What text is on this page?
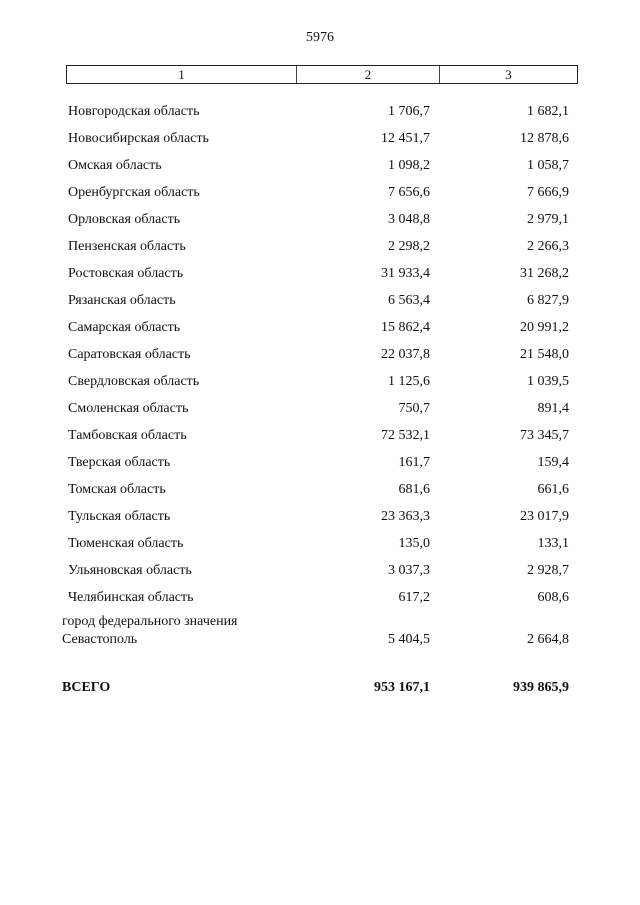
5976
1	2	3
Новгородская область	1 706,7	1 682,1
Новосибирская область	12 451,7	12 878,6
Омская область	1 098,2	1 058,7
Оренбургская область	7 656,6	7 666,9
Орловская область	3 048,8	2 979,1
Пензенская область	2 298,2	2 266,3
Ростовская область	31 933,4	31 268,2
Рязанская область	6 563,4	6 827,9
Самарская область	15 862,4	20 991,2
Саратовская область	22 037,8	21 548,0
Свердловская область	1 125,6	1 039,5
Смоленская область	750,7	891,4
Тамбовская область	72 532,1	73 345,7
Тверская область	161,7	159,4
Томская область	681,6	661,6
Тульская область	23 363,3	23 017,9
Тюменская область	135,0	133,1
Ульяновская область	3 037,3	2 928,7
Челябинская область	617,2	608,6
город федерального значения
Севастополь	5 404,5	2 664,8
ВСЕГО	953 167,1	939 865,9
